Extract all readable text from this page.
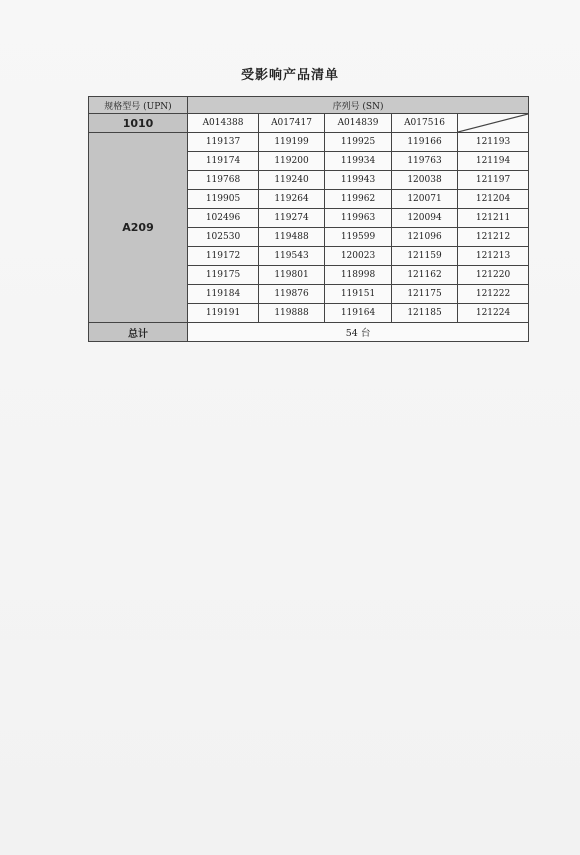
受影响产品清单
规格型号 (UPN)	序列号 (SN)				
1010	A014388	A017417	A014839	A017516	

A209	119137	119199	119925	119166	121193
	119174	119200	119934	119763	121194
	119768	119240	119943	120038	121197
	119905	119264	119962	120071	121204
	102496	119274	119963	120094	121211
	102530	119488	119599	121096	121212
	119172	119543	120023	121159	121213
	119175	119801	118998	121162	121220
	119184	119876	119151	121175	121222
	119191	119888	119164	121185	121224
总计	54 台				
